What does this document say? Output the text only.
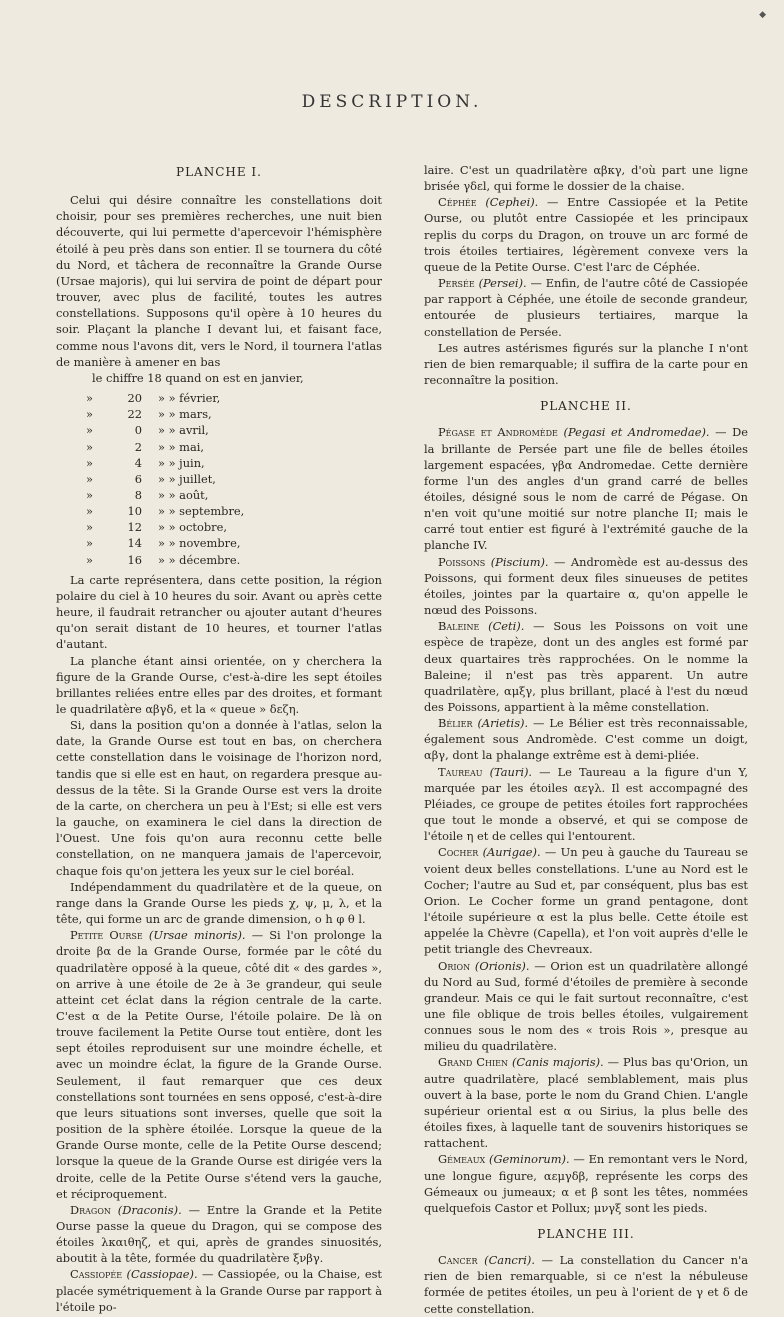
◆
DESCRIPTION.
PLANCHE I.

Celui qui désire connaître les constellations doit choisir, pour ses premières recherches, une nuit bien découverte, qui lui permette d'apercevoir l'hémisphère étoilé à peu près dans son entier. Il se tournera du côté du Nord, et tâchera de reconnaître la Grande Ourse (Ursae majoris), qui lui servira de point de départ pour trouver, avec plus de facilité, toutes les autres constellations. Supposons qu'il opère à 10 heures du soir. Plaçant la planche I devant lui, et faisant face, comme nous l'avons dit, vers le Nord, il tournera l'atlas de manière à amener en bas

le chiffre 18 quand on est en janvier,

»	20	» » février,
»	22	» » mars,
»	0	» » avril,
»	2	» » mai,
»	4	» » juin,
»	6	» » juillet,
»	8	» » août,
»	10	» » septembre,
»	12	» » octobre,
»	14	» » novembre,
»	16	» » décembre.

La carte représentera, dans cette position, la région polaire du ciel à 10 heures du soir. Avant ou après cette heure, il faudrait retrancher ou ajouter autant d'heures qu'on serait distant de 10 heures, et tourner l'atlas d'autant.

La planche étant ainsi orientée, on y cherchera la figure de la Grande Ourse, c'est-à-dire les sept étoiles brillantes reliées entre elles par des droites, et formant le quadrilatère αβγδ, et la « queue » δεζη.

Si, dans la position qu'on a donnée à l'atlas, selon la date, la Grande Ourse est tout en bas, on cherchera cette constellation dans le voisinage de l'horizon nord, tandis que si elle est en haut, on regardera presque au-dessus de la tête. Si la Grande Ourse est vers la droite de la carte, on cherchera un peu à l'Est; si elle est vers la gauche, on examinera le ciel dans la direction de l'Ouest. Une fois qu'on aura reconnu cette belle constellation, on ne manquera jamais de l'apercevoir, chaque fois qu'on jettera les yeux sur le ciel boréal.

Indépendamment du quadrilatère et de la queue, on range dans la Grande Ourse les pieds χ, ψ, μ, λ, et la tête, qui forme un arc de grande dimension, ο h φ θ l.

Petite Ourse (Ursae minoris). — Si l'on prolonge la droite βα de la Grande Ourse, formée par le côté du quadrilatère opposé à la queue, côté dit « des gardes », on arrive à une étoile de 2e à 3e grandeur, qui seule atteint cet éclat dans la région centrale de la carte. C'est α de la Petite Ourse, l'étoile polaire. De là on trouve facilement la Petite Ourse tout entière, dont les sept étoiles reproduisent sur une moindre échelle, et avec un moindre éclat, la figure de la Grande Ourse. Seulement, il faut remarquer que ces deux constellations sont tournées en sens opposé, c'est-à-dire que leurs situations sont inverses, quelle que soit la position de la sphère étoilée. Lorsque la queue de la Grande Ourse monte, celle de la Petite Ourse descend; lorsque la queue de la Grande Ourse est dirigée vers la droite, celle de la Petite Ourse s'étend vers la gauche, et réciproquement.

Dragon (Draconis). — Entre la Grande et la Petite Ourse passe la queue du Dragon, qui se compose des étoiles λκαιθηζ, et qui, après de grandes sinuosités, aboutit à la tête, formée du quadrilatère ξνβγ.

Cassiopée (Cassiopae). — Cassiopée, ou la Chaise, est placée symétriquement à la Grande Ourse par rapport à l'étoile po-

laire. C'est un quadrilatère αβκγ, d'où part une ligne brisée γδεl, qui forme le dossier de la chaise.

Céphée (Cephei). — Entre Cassiopée et la Petite Ourse, ou plutôt entre Cassiopée et les principaux replis du corps du Dragon, on trouve un arc formé de trois étoiles tertiaires, légèrement convexe vers la queue de la Petite Ourse. C'est l'arc de Céphée.

Persée (Persei). — Enfin, de l'autre côté de Cassiopée par rapport à Céphée, une étoile de seconde grandeur, entourée de plusieurs tertiaires, marque la constellation de Persée.

Les autres astérismes figurés sur la planche I n'ont rien de bien remarquable; il suffira de la carte pour en reconnaître la position.

PLANCHE II.

Pégase et Andromède (Pegasi et Andromedae). — De la brillante de Persée part une file de belles étoiles largement espacées, γβα Andromedae. Cette dernière forme l'un des angles d'un grand carré de belles étoiles, désigné sous le nom de carré de Pégase. On n'en voit qu'une moitié sur notre planche II; mais le carré tout entier est figuré à l'extrémité gauche de la planche IV.

Poissons (Piscium). — Andromède est au-dessus des Poissons, qui forment deux files sinueuses de petites étoiles, jointes par la quartaire α, qu'on appelle le nœud des Poissons.

Baleine (Ceti). — Sous les Poissons on voit une espèce de trapèze, dont un des angles est formé par deux quartaires très rapprochées. On le nomme la Baleine; il n'est pas très apparent. Un autre quadrilatère, αμξγ, plus brillant, placé à l'est du nœud des Poissons, appartient à la même constellation.

Bélier (Arietis). — Le Bélier est très reconnaissable, également sous Andromède. C'est comme un doigt, αβγ, dont la phalange extrême est à demi-pliée.

Taureau (Tauri). — Le Taureau a la figure d'un Y, marquée par les étoiles αεγλ. Il est accompagné des Pléiades, ce groupe de petites étoiles fort rapprochées que tout le monde a observé, et qui se compose de l'étoile η et de celles qui l'entourent.

Cocher (Aurigae). — Un peu à gauche du Taureau se voient deux belles constellations. L'une au Nord est le Cocher; l'autre au Sud et, par conséquent, plus bas est Orion. Le Cocher forme un grand pentagone, dont l'étoile supérieure α est la plus belle. Cette étoile est appelée la Chèvre (Capella), et l'on voit auprès d'elle le petit triangle des Chevreaux.

Orion (Orionis). — Orion est un quadrilatère allongé du Nord au Sud, formé d'étoiles de première à seconde grandeur. Mais ce qui le fait surtout reconnaître, c'est une file oblique de trois belles étoiles, vulgairement connues sous le nom des « trois Rois », presque au milieu du quadrilatère.

Grand Chien (Canis majoris). — Plus bas qu'Orion, un autre quadrilatère, placé semblablement, mais plus ouvert à la base, porte le nom du Grand Chien. L'angle supérieur oriental est α ou Sirius, la plus belle des étoiles fixes, à laquelle tant de souvenirs historiques se rattachent.

Gémeaux (Geminorum). — En remontant vers le Nord, une longue figure, αεμγδβ, représente les corps des Gémeaux ou jumeaux; α et β sont les têtes, nommées quelquefois Castor et Pollux; μνγξ sont les pieds.

PLANCHE III.

Cancer (Cancri). — La constellation du Cancer n'a rien de bien remarquable, si ce n'est la nébuleuse formée de petites étoiles, un peu à l'orient de γ et δ de cette constellation.
